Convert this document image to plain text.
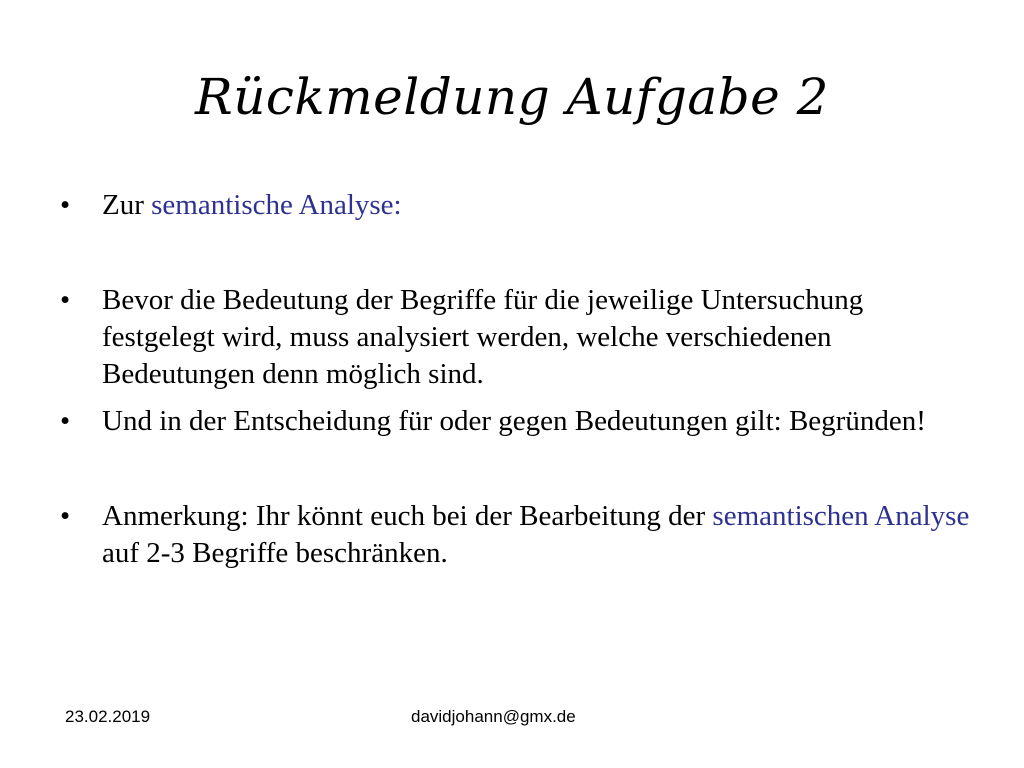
Rückmeldung Aufgabe 2
• Zur semantische Analyse:
• Bevor die Bedeutung der Begriffe für die jeweilige Untersuchung festgelegt wird, muss analysiert werden, welche verschiedenen Bedeutungen denn möglich sind.
• Und in der Entscheidung für oder gegen Bedeutungen gilt: Begründen!
• Anmerkung: Ihr könnt euch bei der Bearbeitung der semantischen Analyse auf 2-3 Begriffe beschränken.
23.02.2019	davidjohann@gmx.de
